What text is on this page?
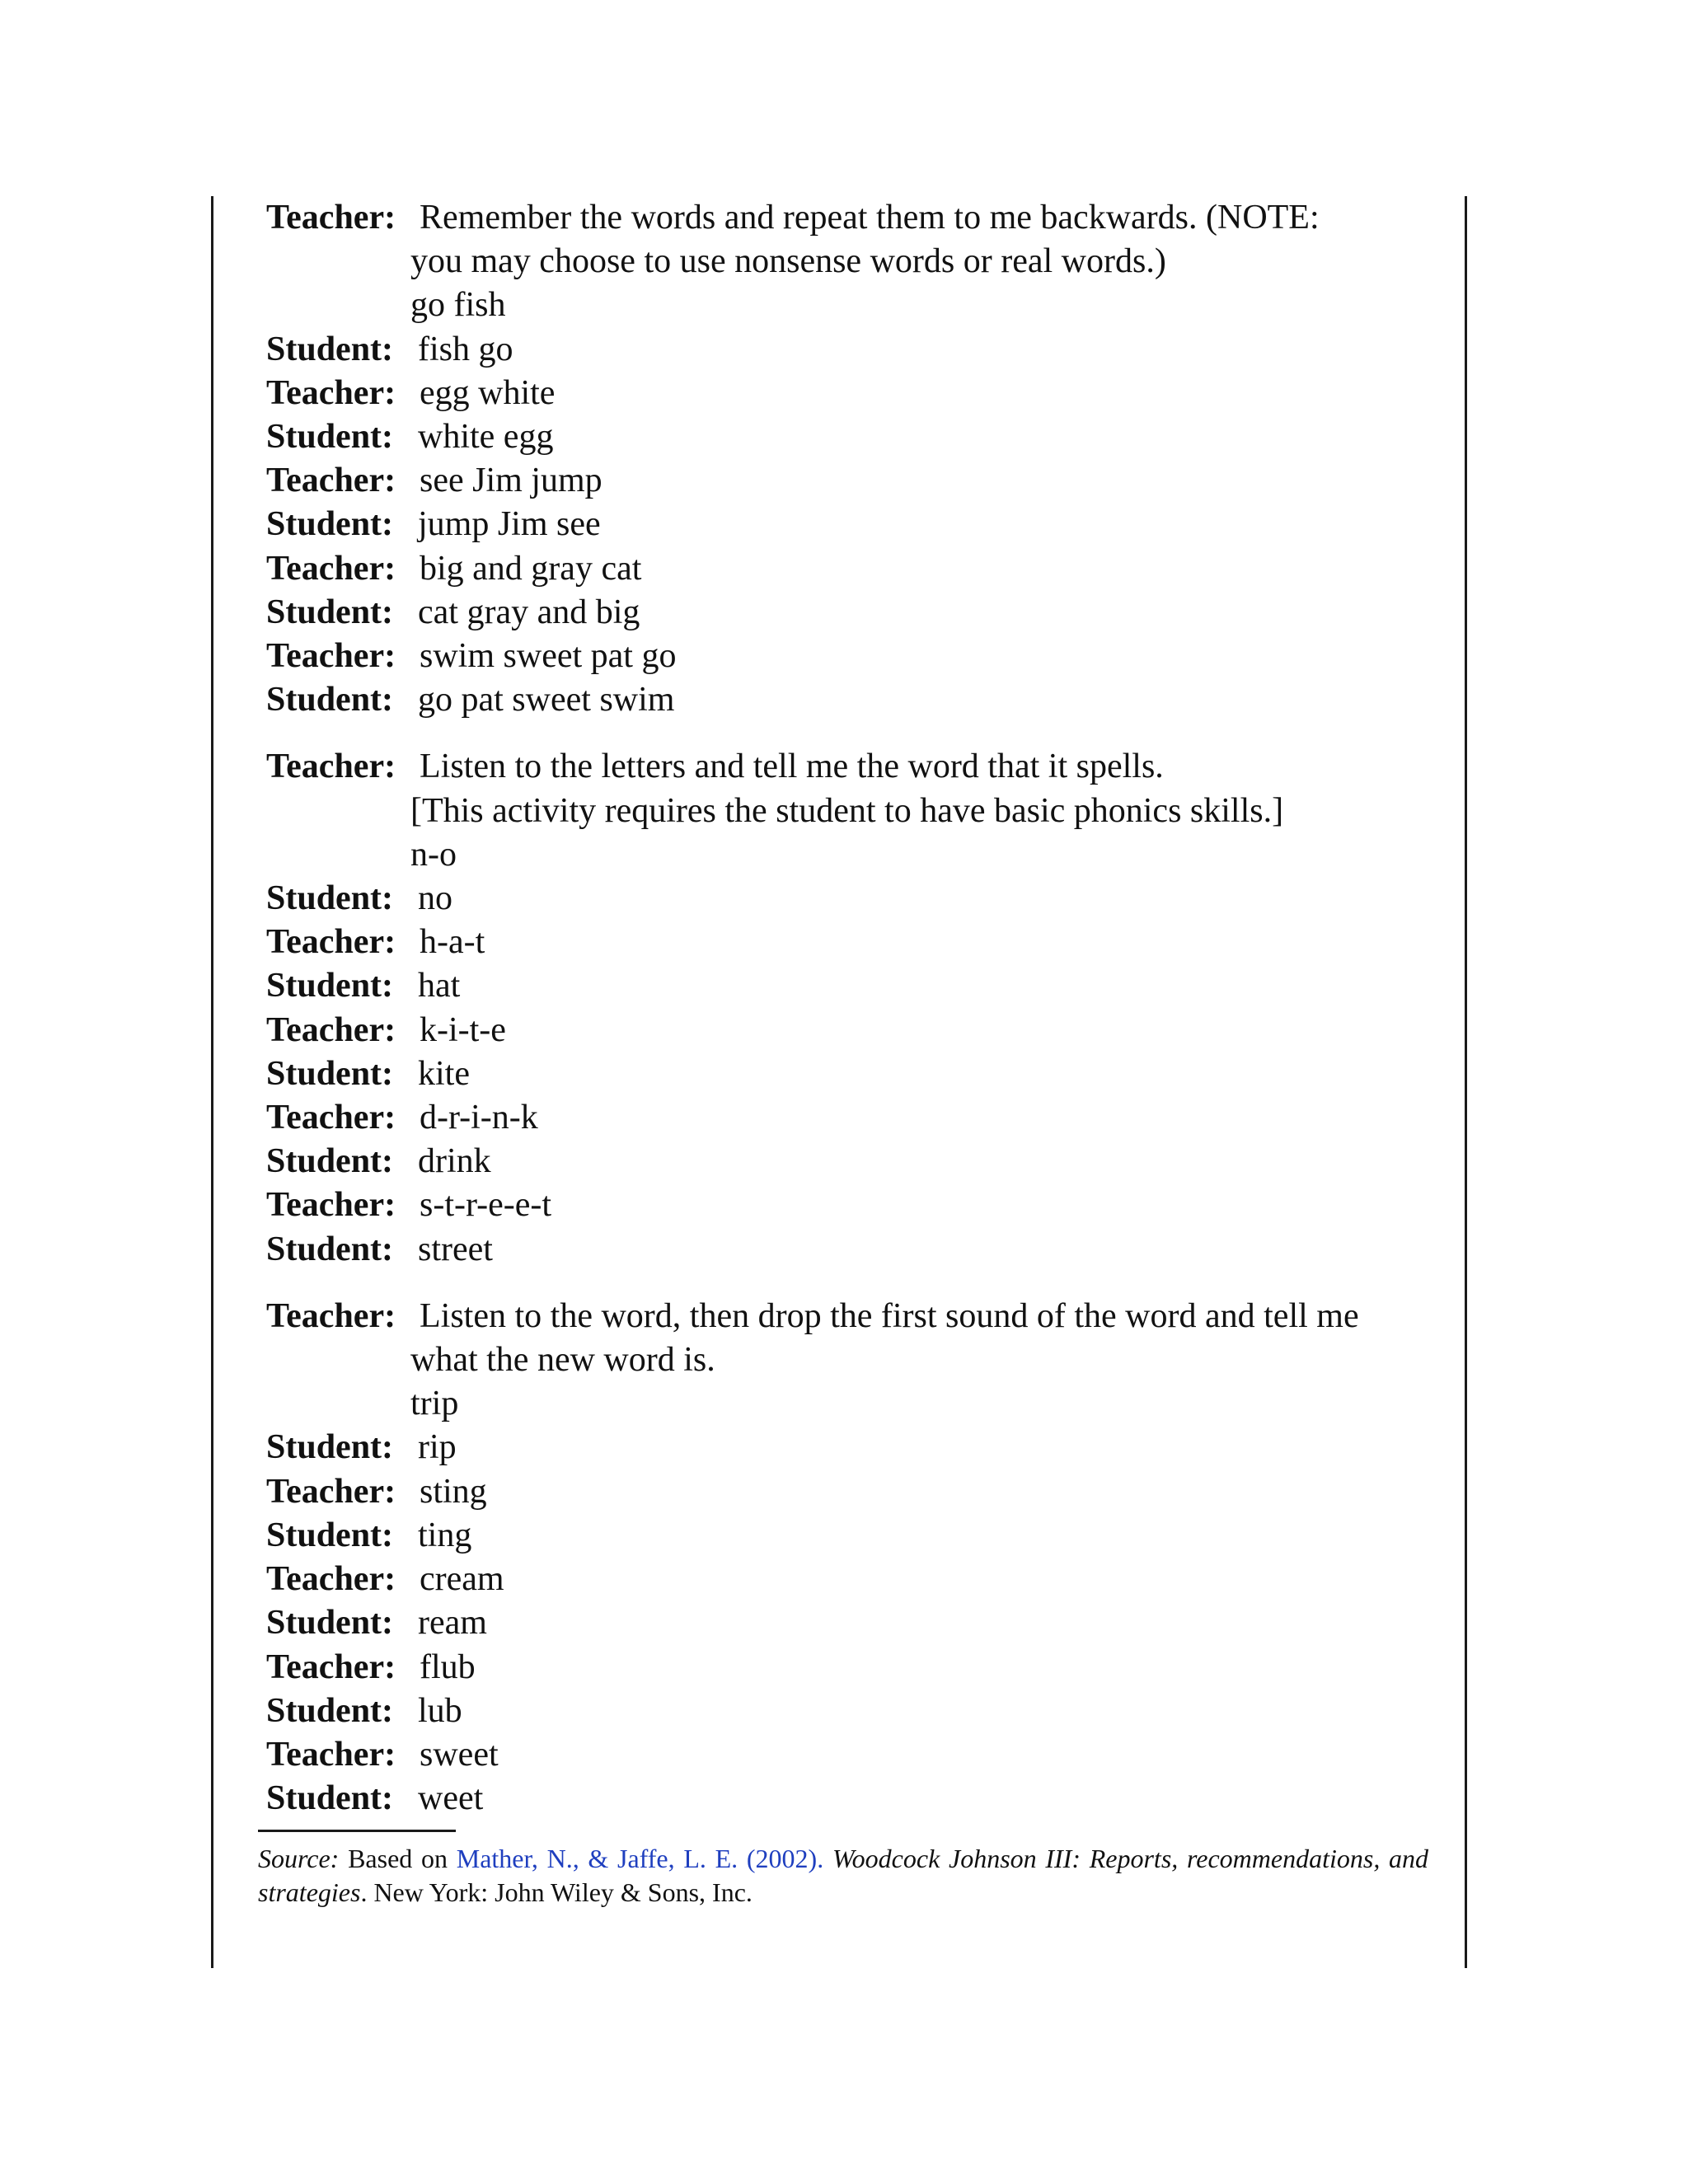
Teacher: Remember the words and repeat them to me backwards. (NOTE:
you may choose to use nonsense words or real words.)
go fish
Student: fish go
Teacher: egg white
Student: white egg
Teacher: see Jim jump
Student: jump Jim see
Teacher: big and gray cat
Student: cat gray and big
Teacher: swim sweet pat go
Student: go pat sweet swim
Teacher: Listen to the letters and tell me the word that it spells.
[This activity requires the student to have basic phonics skills.]
n-o
Student: no
Teacher: h-a-t
Student: hat
Teacher: k-i-t-e
Student: kite
Teacher: d-r-i-n-k
Student: drink
Teacher: s-t-r-e-e-t
Student: street
Teacher: Listen to the word, then drop the first sound of the word and tell me
what the new word is.
trip
Student: rip
Teacher: sting
Student: ting
Teacher: cream
Student: ream
Teacher: flub
Student: lub
Teacher: sweet
Student: weet
Source: Based on Mather, N., & Jaffe, L. E. (2002). Woodcock Johnson III: Reports, recommendations, and strategies. New York: John Wiley & Sons, Inc.
